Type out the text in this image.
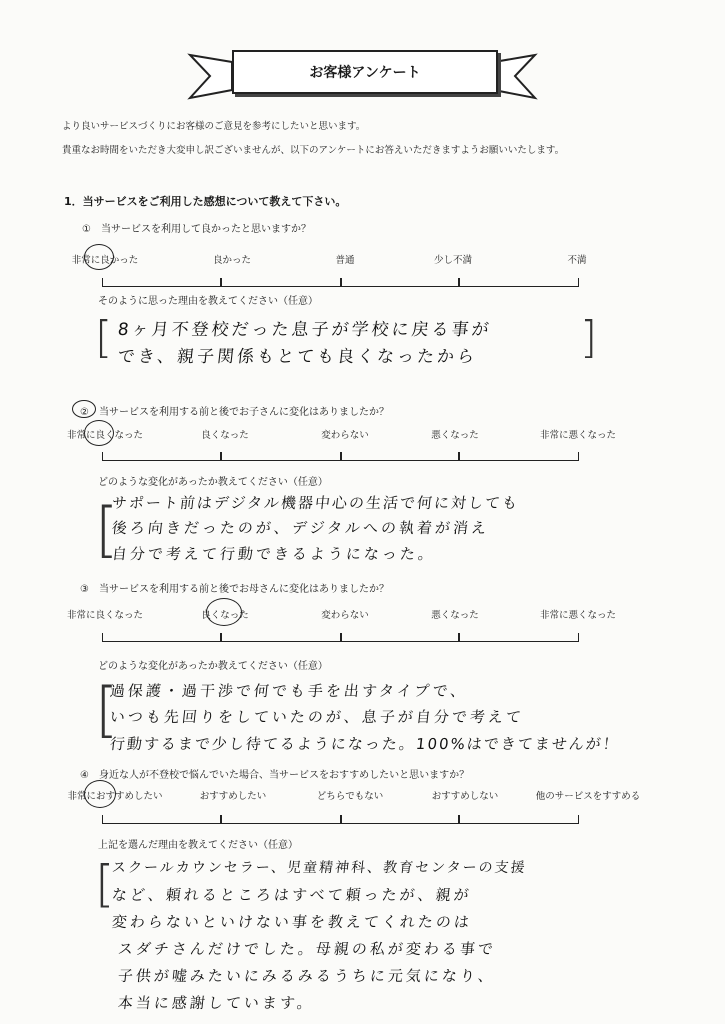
お客様アンケート
より良いサービスづくりにお客様のご意見を参考にしたいと思います。
貴重なお時間をいただき大変申し訳ございませんが、以下のアンケートにお答えいただきますようお願いいたします。
1．当サービスをご利用した感想について教えて下さい。
①　当サービスを利用して良かったと思いますか？
非常に良かった	良かった	普通	少し不満	不満
そのように思った理由を教えてください（任意）
[	]
8ヶ月不登校だった息子が学校に戻る事が
でき、親子関係もとても良くなったから
②　当サービスを利用する前と後でお子さんに変化はありましたか？
非常に良くなった	良くなった	変わらない	悪くなった	非常に悪くなった
どのような変化があったか教えてください（任意）
[
サポート前はデジタル機器中心の生活で何に対しても
後ろ向きだったのが、デジタルへの執着が消え
自分で考えて行動できるようになった。
③　当サービスを利用する前と後でお母さんに変化はありましたか？
非常に良くなった	良くなった	変わらない	悪くなった	非常に悪くなった
どのような変化があったか教えてください（任意）
[
過保護・過干渉で何でも手を出すタイプで、
いつも先回りをしていたのが、息子が自分で考えて
行動するまで少し待てるようになった。100%はできてませんが！
④　身近な人が不登校で悩んでいた場合、当サービスをおすすめしたいと思いますか？
非常におすすめしたい	おすすめしたい	どちらでもない	おすすめしない	他のサービスをすすめる
上記を選んだ理由を教えてください（任意）
[
スクールカウンセラー、児童精神科、教育センターの支援
など、頼れるところはすべて頼ったが、親が
変わらないといけない事を教えてくれたのは
スダチさんだけでした。母親の私が変わる事で
子供が嘘みたいにみるみるうちに元気になり、
本当に感謝しています。
